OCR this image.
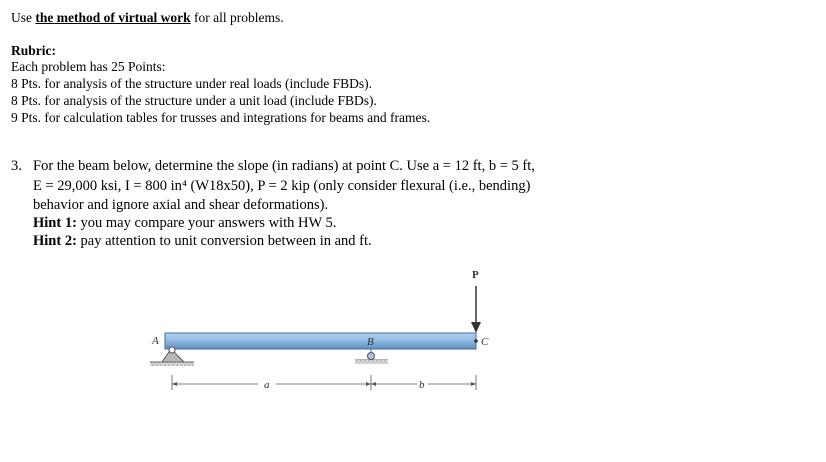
Use the method of virtual work for all problems.
Rubric:
Each problem has 25 Points:
8 Pts. for analysis of the structure under real loads (include FBDs).
8 Pts. for analysis of the structure under a unit load (include FBDs).
9 Pts. for calculation tables for trusses and integrations for beams and frames.
3. For the beam below, determine the slope (in radians) at point C. Use a = 12 ft, b = 5 ft,
E = 29,000 ksi, I = 800 in⁴ (W18x50), P = 2 kip (only consider flexural (i.e., bending)
behavior and ignore axial and shear deformations).
Hint 1: you may compare your answers with HW 5.
Hint 2: pay attention to unit conversion between in and ft.
P
A	B	C
a	b
